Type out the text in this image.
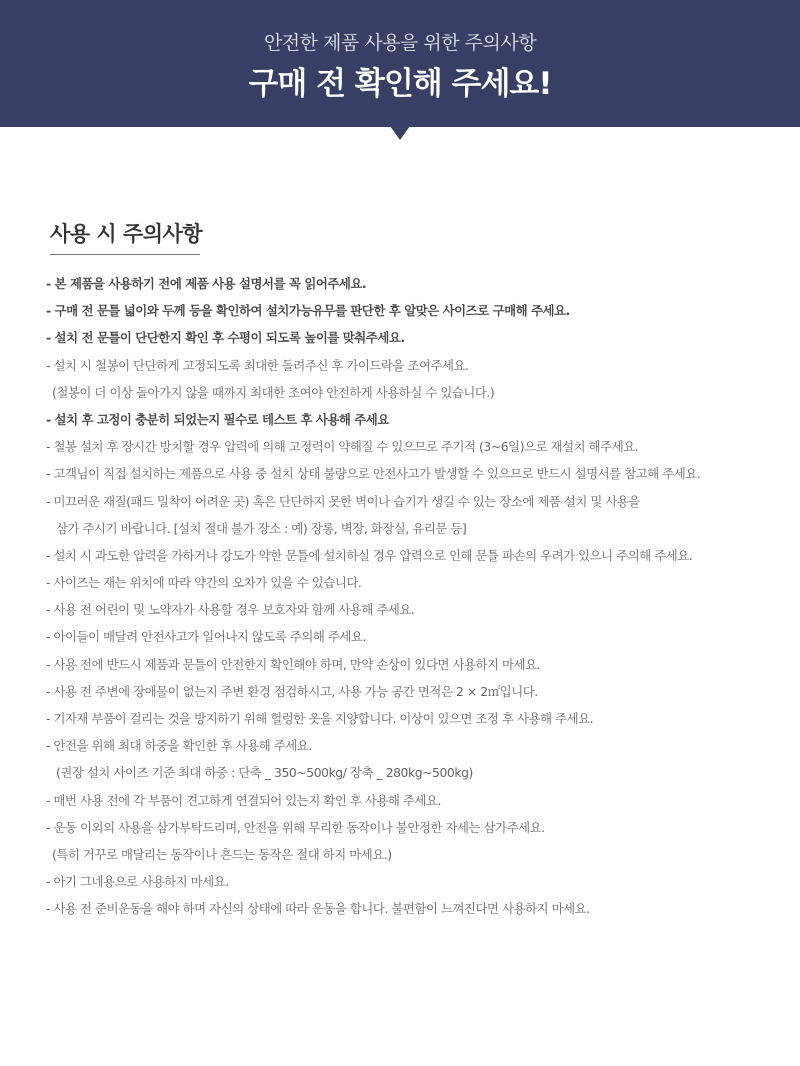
안전한 제품 사용을 위한 주의사항
구매 전 확인해 주세요!
사용 시 주의사항
- 본 제품을 사용하기 전에 제품 사용 설명서를 꼭 읽어주세요.
- 구매 전 문틀 넓이와 두께 등을 확인하여 설치가능유무를 판단한 후 알맞은 사이즈로 구매해 주세요.
- 설치 전 문틀이 단단한지 확인 후 수평이 되도록 높이를 맞춰주세요.
- 설치 시 철봉이 단단하게 고정되도록 최대한 돌려주신 후 가이드락을 조여주세요.
(철봉이 더 이상 돌아가지 않을 때까지 최대한 조여야 안전하게 사용하실 수 있습니다.)
- 설치 후 고정이 충분히 되었는지 필수로 테스트 후 사용해 주세요
- 철봉 설치 후 장시간 방치할 경우 압력에 의해 고정력이 약해질 수 있으므로 주기적 (3~6일)으로 재설치 해주세요.
- 고객님이 직접 설치하는 제품으로 사용 중 설치 상태 불량으로 안전사고가 발생할 수 있으므로 반드시 설명서를 참고해 주세요.
- 미끄러운 재질(패드 밀착이 어려운 곳) 혹은 단단하지 못한 벽이나 습기가 생길 수 있는 장소에 제품 설치 및 사용을
삼가 주시기 바랍니다. [설치 절대 불가 장소 : 예) 장롱, 벽장, 화장실, 유리문 등]
- 설치 시 과도한 압력을 가하거나 강도가 약한 문틀에 설치하실 경우 압력으로 인해 문틀 파손의 우려가 있으니 주의해 주세요.
- 사이즈는 재는 위치에 따라 약간의 오차가 있을 수 있습니다.
- 사용 전 어린이 및 노약자가 사용할 경우 보호자와 함께 사용해 주세요.
- 아이들이 매달려 안전사고가 일어나지 않도록 주의해 주세요.
- 사용 전에 반드시 제품과 문틀이 안전한지 확인해야 하며, 만약 손상이 있다면 사용하지 마세요.
- 사용 전 주변에 장애물이 없는지 주변 환경 점검하시고, 사용 가능 공간 면적은 2 × 2㎡입니다.
- 기자재 부품이 걸리는 것을 방지하기 위해 헐렁한 옷을 지양합니다. 이상이 있으면 조정 후 사용해 주세요.
- 안전을 위해 최대 하중을 확인한 후 사용해 주세요.
(권장 설치 사이즈 기준 최대 하중 : 단축 _ 350~500kg/ 장축 _ 280kg~500kg)
- 매번 사용 전에 각 부품이 견고하게 연결되어 있는지 확인 후 사용해 주세요.
- 운동 이외의 사용을 삼가부탁드리며, 안전을 위해 무리한 동작이나 불안정한 자세는 삼가주세요.
(특히 거꾸로 매달리는 동작이나 흔드는 동작은 절대 하지 마세요.)
- 아기 그네용으로 사용하지 마세요.
- 사용 전 준비운동을 해야 하며 자신의 상태에 따라 운동을 합니다. 불편함이 느껴진다면 사용하지 마세요.
